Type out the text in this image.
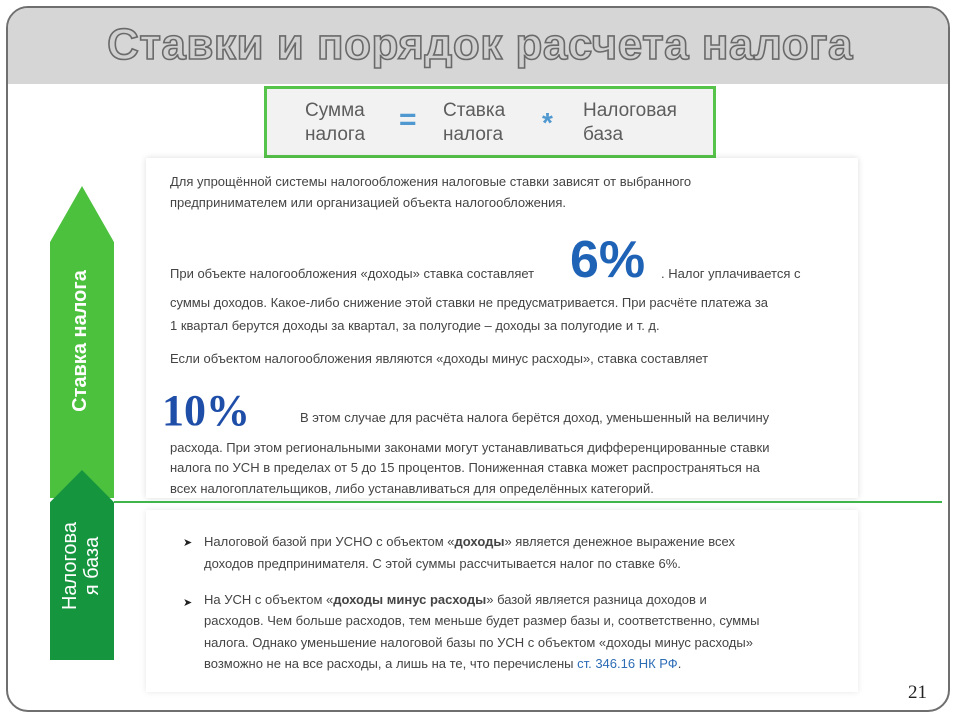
Ставки и порядок расчета налога
Сумма
налога = Ставка
налога * Налоговая
база
Ставка налога
Налогова
я база
Для упрощённой системы налогообложения налоговые ставки зависят от выбранного
предпринимателем или организацией объекта налогообложения.
При объекте налогообложения «доходы» ставка составляет 6% . Налог уплачивается с
суммы доходов. Какое-либо снижение этой ставки не предусматривается. При расчёте платежа за
1 квартал берутся доходы за квартал, за полугодие – доходы за полугодие и т. д.
Если объектом налогообложения являются «доходы минус расходы», ставка составляет
10%	В этом случае для расчёта налога берётся доход, уменьшенный на величину
расхода. При этом региональными законами могут устанавливаться дифференцированные ставки
налога по УСН в пределах от 5 до 15 процентов. Пониженная ставка может распространяться на
всех налогоплательщиков, либо устанавливаться для определённых категорий.
➤ Налоговой базой при УСНО с объектом «доходы» является денежное выражение всех
доходов предпринимателя. С этой суммы рассчитывается налог по ставке 6%.
➤ На УСН с объектом «доходы минус расходы» базой является разница доходов и
расходов. Чем больше расходов, тем меньше будет размер базы и, соответственно, суммы
налога. Однако уменьшение налоговой базы по УСН с объектом «доходы минус расходы»
возможно не на все расходы, а лишь на те, что перечислены ст. 346.16 НК РФ.
21
